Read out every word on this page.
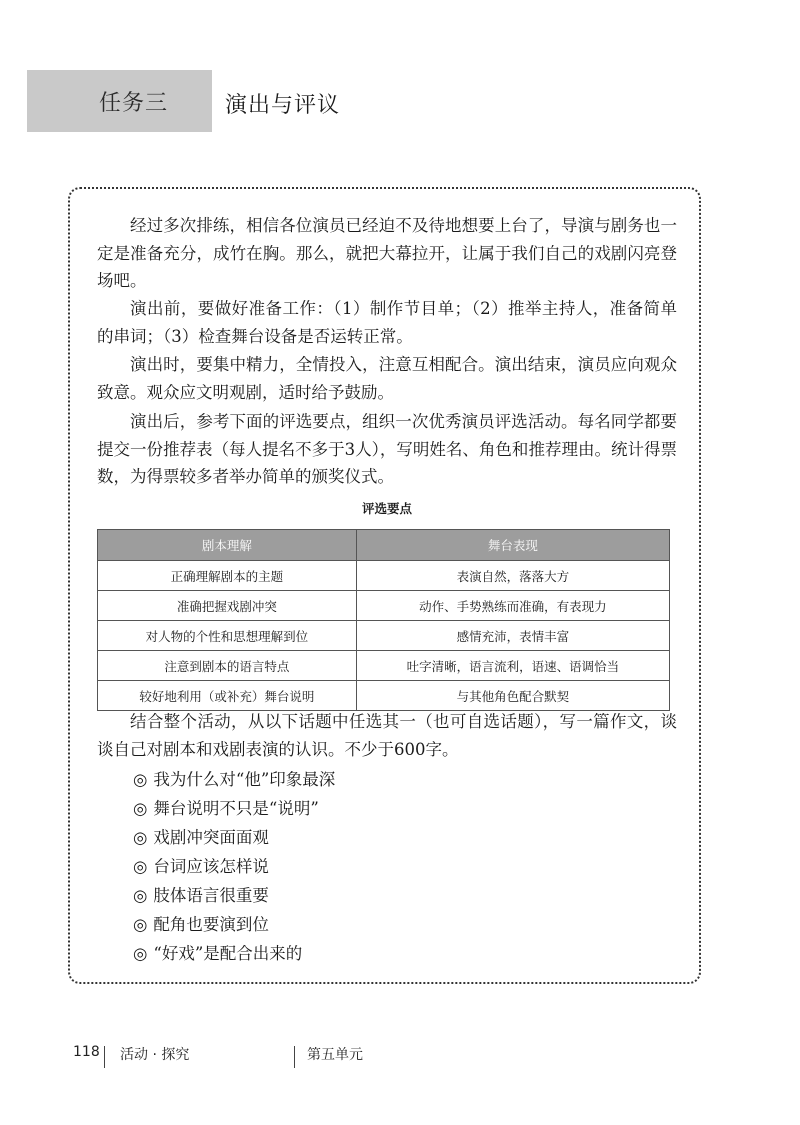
任务三	演出与评议

经过多次排练，相信各位演员已经迫不及待地想要上台了，导演与剧务也一定是准备充分，成竹在胸。那么，就把大幕拉开，让属于我们自己的戏剧闪亮登场吧。

演出前，要做好准备工作：（1）制作节目单；（2）推举主持人，准备简单的串词；（3）检查舞台设备是否运转正常。

演出时，要集中精力，全情投入，注意互相配合。演出结束，演员应向观众致意。观众应文明观剧，适时给予鼓励。

演出后，参考下面的评选要点，组织一次优秀演员评选活动。每名同学都要提交一份推荐表（每人提名不多于3人），写明姓名、角色和推荐理由。统计得票数，为得票较多者举办简单的颁奖仪式。

评选要点
剧本理解	舞台表现
正确理解剧本的主题	表演自然，落落大方
准确把握戏剧冲突	动作、手势熟练而准确，有表现力
对人物的个性和思想理解到位	感情充沛，表情丰富
注意到剧本的语言特点	吐字清晰，语言流利，语速、语调恰当
较好地利用（或补充）舞台说明	与其他角色配合默契

结合整个活动，从以下话题中任选其一（也可自选话题），写一篇作文，谈谈自己对剧本和戏剧表演的认识。不少于600字。

◎ 我为什么对“他”印象最深
◎ 舞台说明不只是“说明”
◎ 戏剧冲突面面观
◎ 台词应该怎样说
◎ 肢体语言很重要
◎ 配角也要演到位
◎ “好戏”是配合出来的
118 活动 · 探究	第五单元
